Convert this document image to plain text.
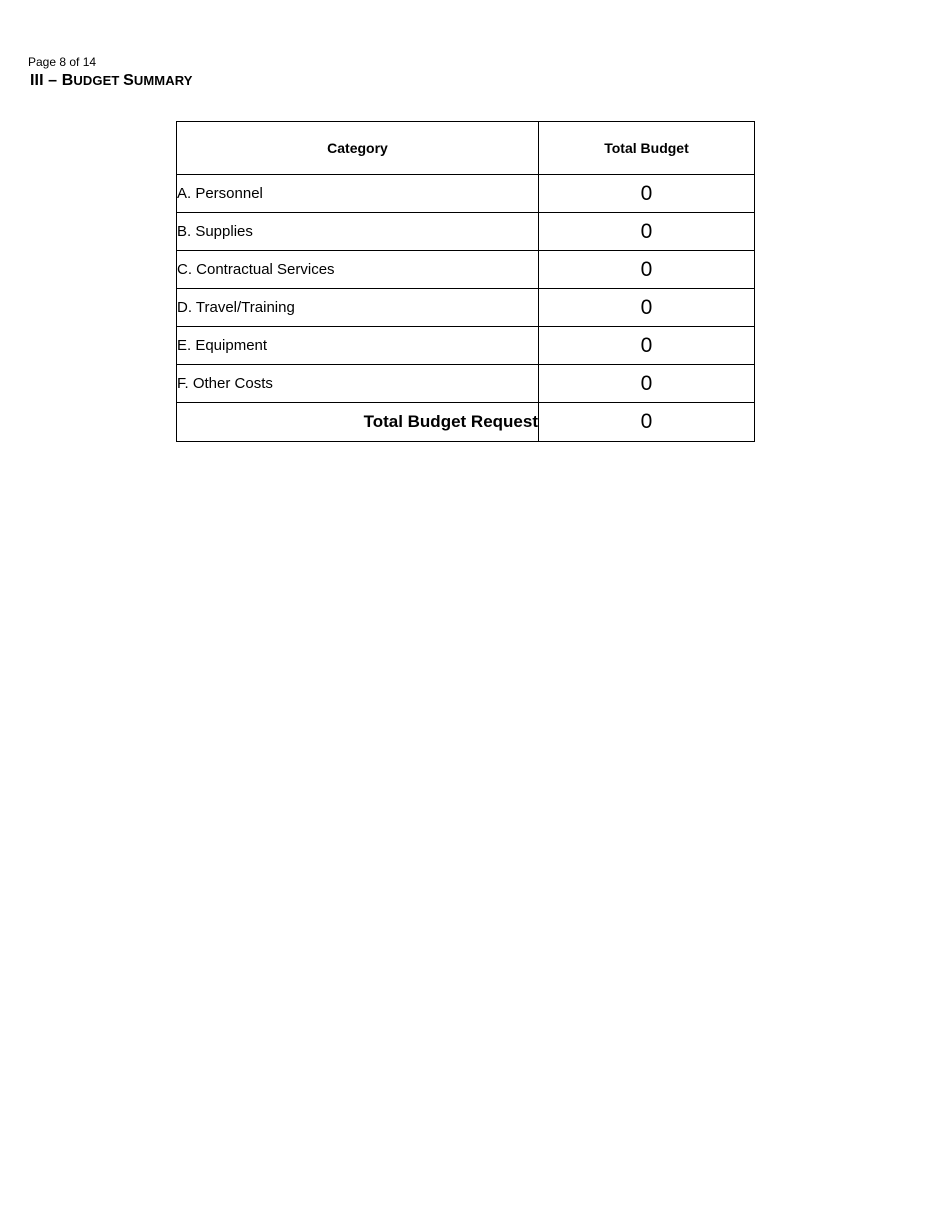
Page 8 of 14
III – BUDGET SUMMARY
Category	Total Budget
A. Personnel	0
B. Supplies	0
C. Contractual Services	0
D. Travel/Training	0
E. Equipment	0
F. Other Costs	0
Total Budget Request	0
